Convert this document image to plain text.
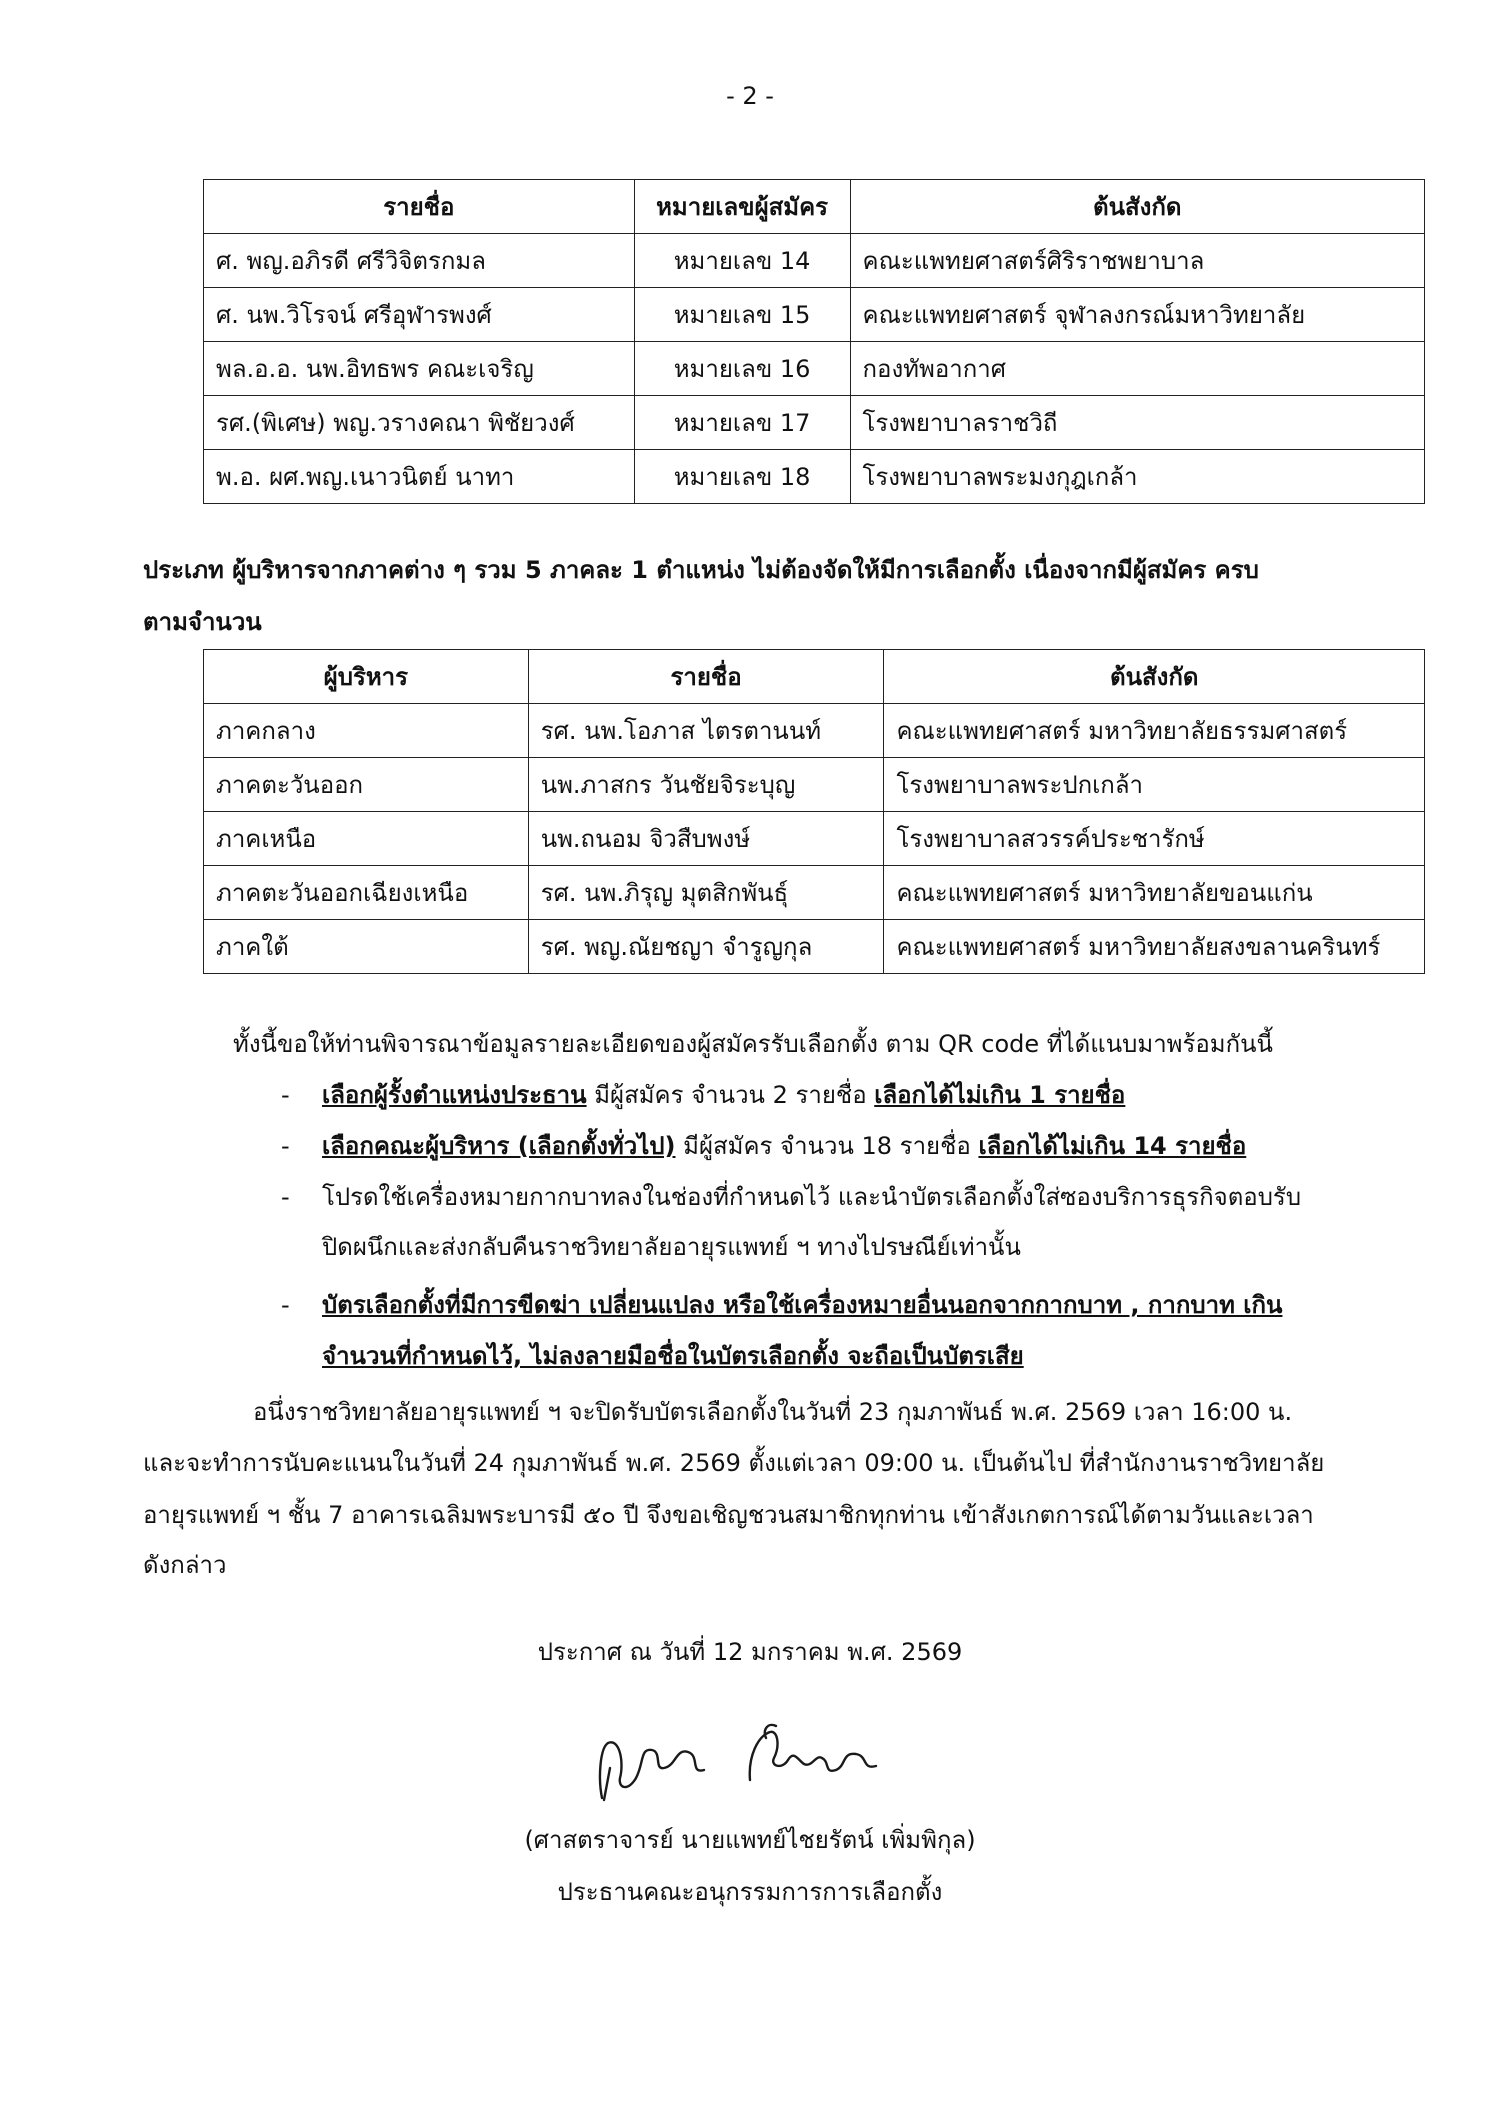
- 2 -
รายชื่อ	หมายเลขผู้สมัคร	ต้นสังกัด
ศ. พญ.อภิรดี ศรีวิจิตรกมล	หมายเลข 14	คณะแพทยศาสตร์ศิริราชพยาบาล
ศ. นพ.วิโรจน์ ศรีอุฬารพงศ์	หมายเลข 15	คณะแพทยศาสตร์ จุฬาลงกรณ์มหาวิทยาลัย
พล.อ.อ. นพ.อิทธพร คณะเจริญ	หมายเลข 16	กองทัพอากาศ
รศ.(พิเศษ) พญ.วรางคณา พิชัยวงศ์	หมายเลข 17	โรงพยาบาลราชวิถี
พ.อ. ผศ.พญ.เนาวนิตย์ นาทา	หมายเลข 18	โรงพยาบาลพระมงกุฎเกล้า
ประเภท ผู้บริหารจากภาคต่าง ๆ รวม 5 ภาคละ 1 ตำแหน่ง ไม่ต้องจัดให้มีการเลือกตั้ง เนื่องจากมีผู้สมัคร ครบ
ตามจำนวน
ผู้บริหาร	รายชื่อ	ต้นสังกัด
ภาคกลาง	รศ. นพ.โอภาส ไตรตานนท์	คณะแพทยศาสตร์ มหาวิทยาลัยธรรมศาสตร์
ภาคตะวันออก	นพ.ภาสกร วันชัยจิระบุญ	โรงพยาบาลพระปกเกล้า
ภาคเหนือ	นพ.ถนอม จิวสืบพงษ์	โรงพยาบาลสวรรค์ประชารักษ์
ภาคตะวันออกเฉียงเหนือ	รศ. นพ.ภิรุญ มุตสิกพันธุ์	คณะแพทยศาสตร์ มหาวิทยาลัยขอนแก่น
ภาคใต้	รศ. พญ.ณัยชญา จำรูญกุล	คณะแพทยศาสตร์ มหาวิทยาลัยสงขลานครินทร์
ทั้งนี้ขอให้ท่านพิจารณาข้อมูลรายละเอียดของผู้สมัครรับเลือกตั้ง ตาม QR code ที่ได้แนบมาพร้อมกันนี้
- เลือกผู้รั้งตำแหน่งประธาน มีผู้สมัคร จำนวน 2 รายชื่อ เลือกได้ไม่เกิน 1 รายชื่อ
- เลือกคณะผู้บริหาร (เลือกตั้งทั่วไป) มีผู้สมัคร จำนวน 18 รายชื่อ เลือกได้ไม่เกิน 14 รายชื่อ
- โปรดใช้เครื่องหมายกากบาทลงในช่องที่กำหนดไว้ และนำบัตรเลือกตั้งใส่ซองบริการธุรกิจตอบรับ
ปิดผนึกและส่งกลับคืนราชวิทยาลัยอายุรแพทย์ ฯ ทางไปรษณีย์เท่านั้น
- บัตรเลือกตั้งที่มีการขีดฆ่า เปลี่ยนแปลง หรือใช้เครื่องหมายอื่นนอกจากกากบาท , กากบาท เกิน
จำนวนที่กำหนดไว้, ไม่ลงลายมือชื่อในบัตรเลือกตั้ง จะถือเป็นบัตรเสีย
อนึ่งราชวิทยาลัยอายุรแพทย์ ฯ จะปิดรับบัตรเลือกตั้งในวันที่ 23 กุมภาพันธ์ พ.ศ. 2569 เวลา 16:00 น.
และจะทำการนับคะแนนในวันที่ 24 กุมภาพันธ์ พ.ศ. 2569 ตั้งแต่เวลา 09:00 น. เป็นต้นไป ที่สำนักงานราชวิทยาลัย
อายุรแพทย์ ฯ ชั้น 7 อาคารเฉลิมพระบารมี ๕๐ ปี จึงขอเชิญชวนสมาชิกทุกท่าน เข้าสังเกตการณ์ได้ตามวันและเวลา
ดังกล่าว
ประกาศ ณ วันที่ 12 มกราคม พ.ศ. 2569
(ศาสตราจารย์ นายแพทย์ไชยรัตน์ เพิ่มพิกุล)
ประธานคณะอนุกรรมการการเลือกตั้ง
